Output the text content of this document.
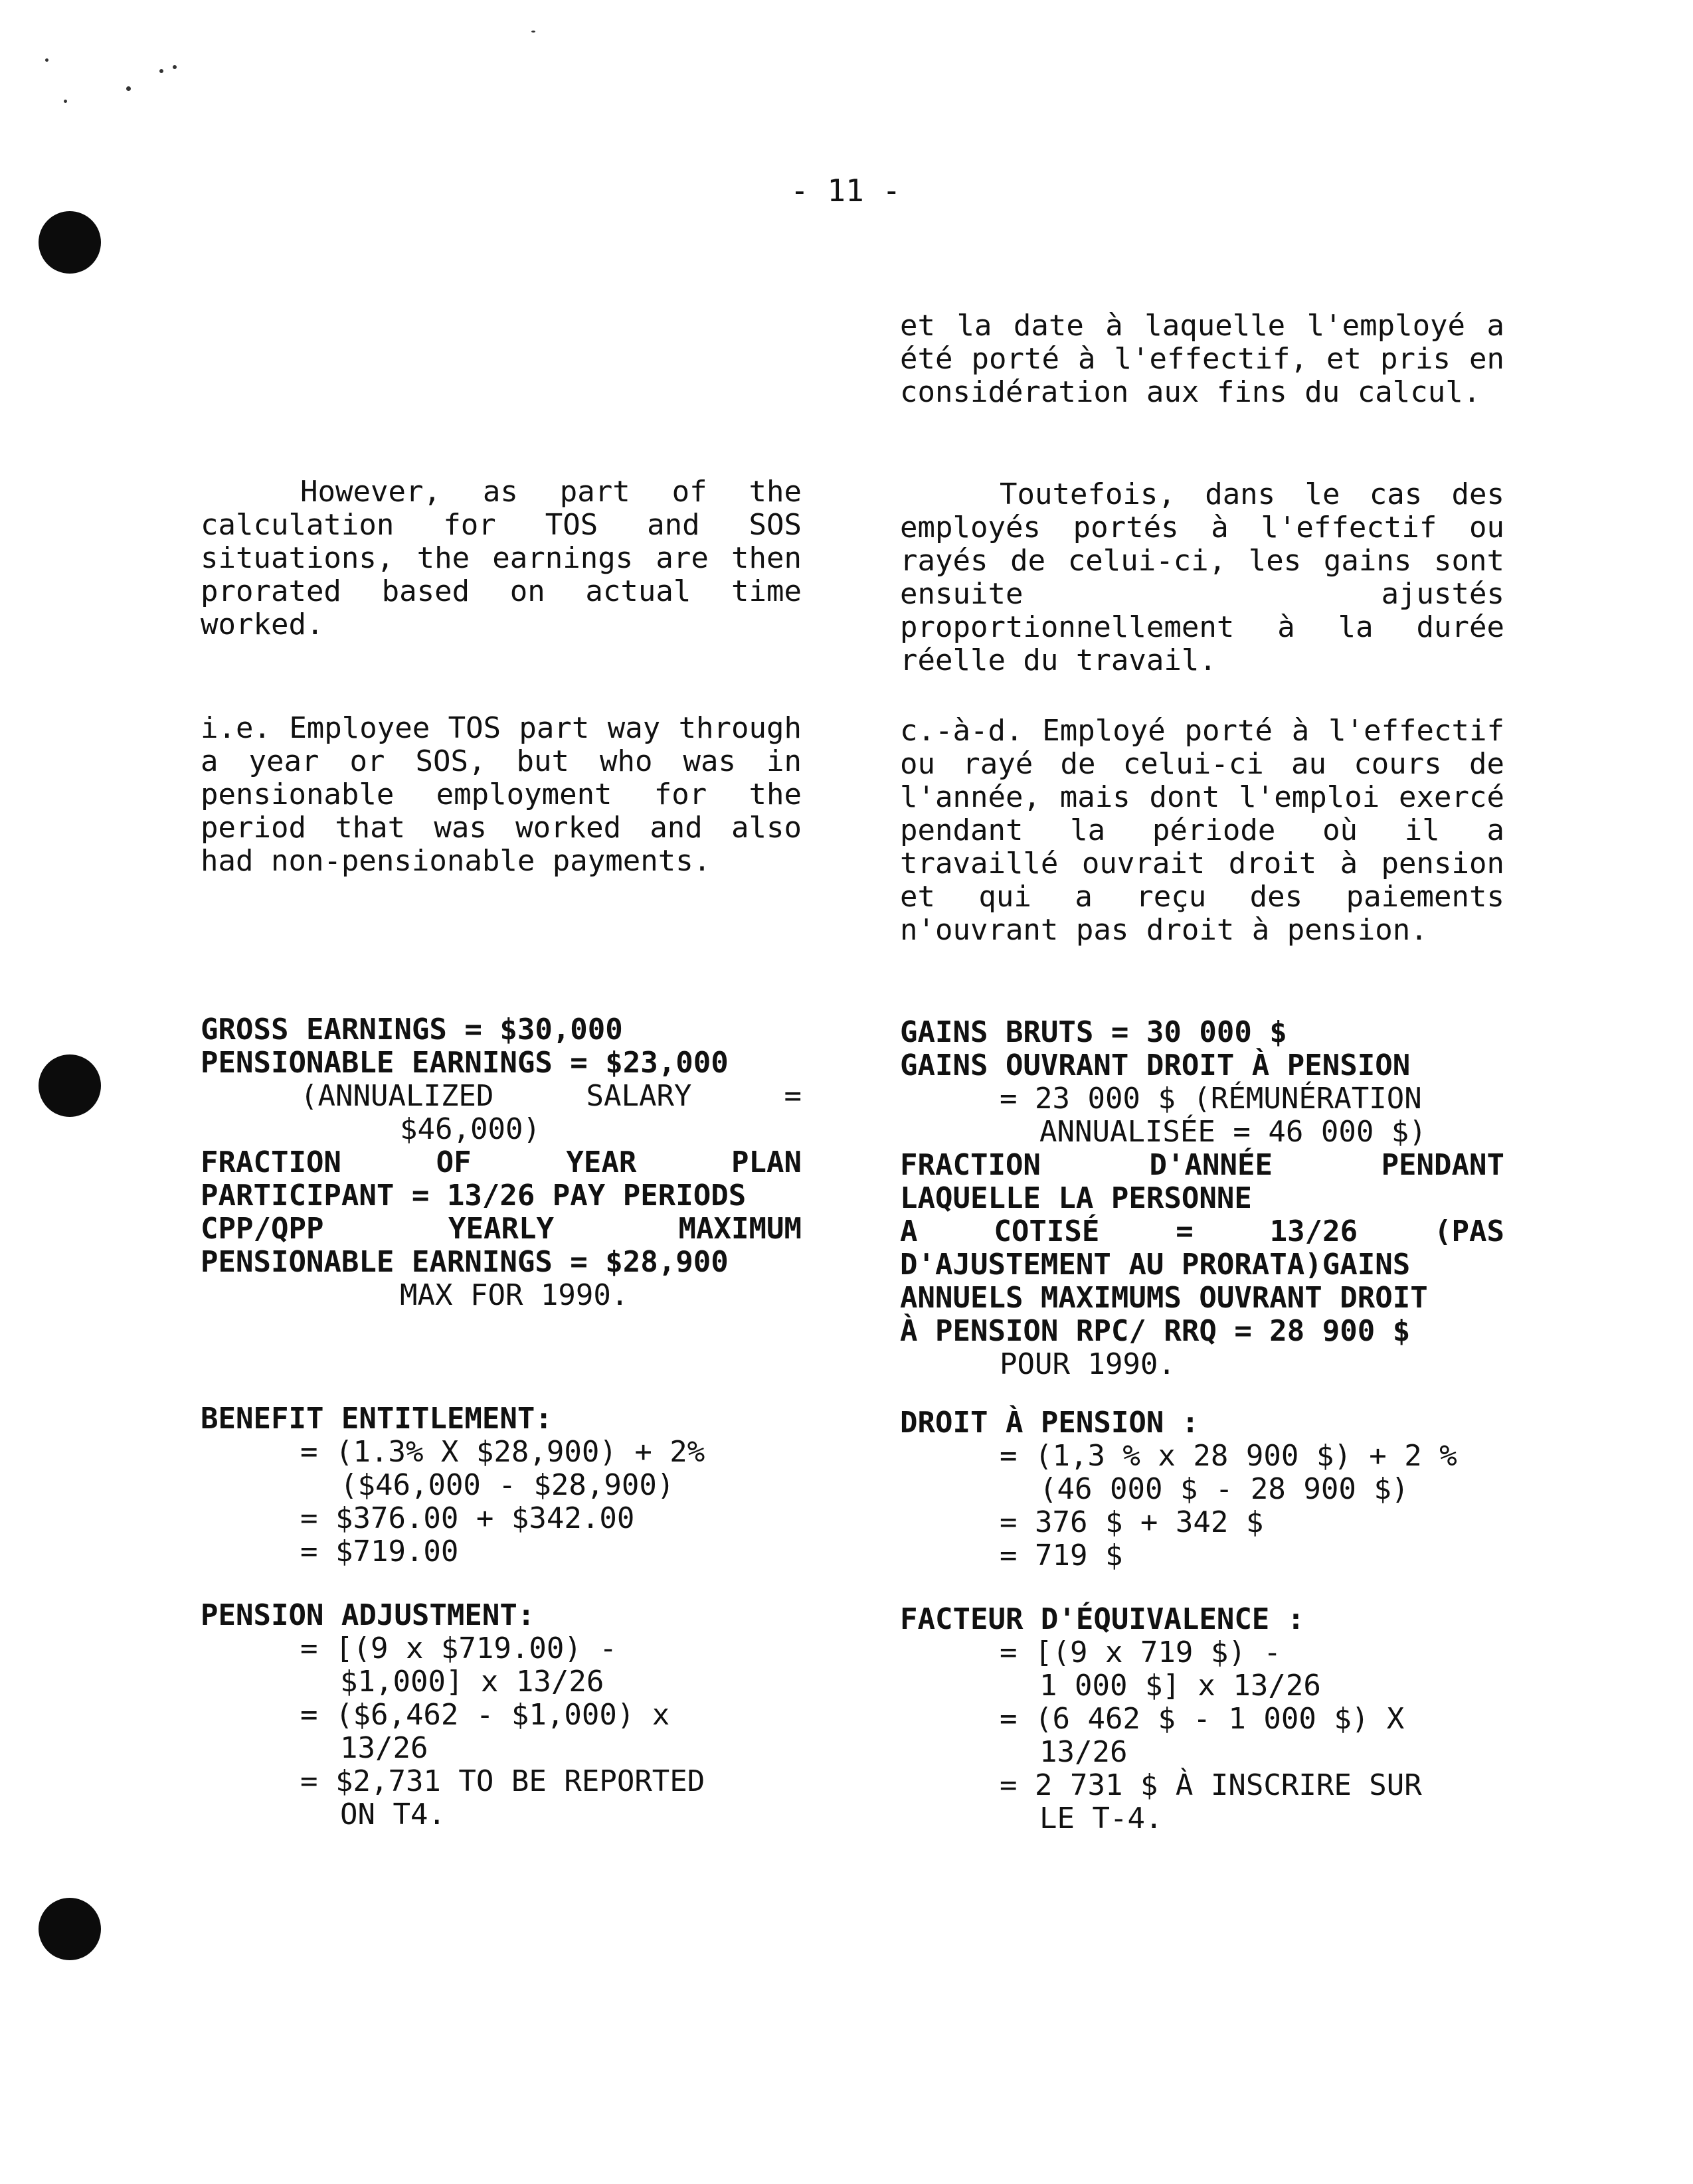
- 11 -

However, as part of the calculation for TOS and SOS situations, the earnings are then prorated based on actual time worked.

i.e. Employee TOS part way through a year or SOS, but who was in pensionable employment for the period that was worked and also had non-pensionable payments.

GROSS EARNINGS = $30,000
PENSIONABLE EARNINGS = $23,000
(ANNUALIZED SALARY =
$46,000)
FRACTION OF YEAR PLAN
PARTICIPANT = 13/26 PAY PERIODS
CPP/QPP YEARLY MAXIMUM
PENSIONABLE EARNINGS = $28,900
MAX FOR 1990.
BENEFIT ENTITLEMENT:
= (1.3% X $28,900) + 2%
($46,000 - $28,900)
= $376.00 + $342.00
= $719.00
PENSION ADJUSTMENT:
= [(9 x $719.00) -
$1,000] x 13/26
= ($6,462 - $1,000) x
13/26
= $2,731 TO BE REPORTED
ON T4.

et la date à laquelle l'employé a été porté à l'effectif, et pris en considération aux fins du calcul.

Toutefois, dans le cas des employés portés à l'effectif ou rayés de celui-ci, les gains sont ensuite ajustés proportionnellement à la durée réelle du travail.

c.-à-d. Employé porté à l'effectif ou rayé de celui-ci au cours de l'année, mais dont l'emploi exercé pendant la période où il a travaillé ouvrait droit à pension et qui a reçu des paiements n'ouvrant pas droit à pension.

GAINS BRUTS = 30 000 $
GAINS OUVRANT DROIT À PENSION
= 23 000 $ (RÉMUNÉRATION
ANNUALISÉE = 46 000 $)
FRACTION D'ANNÉE PENDANT
LAQUELLE LA PERSONNE
A COTISÉ = 13/26 (PAS
D'AJUSTEMENT AU PRORATA)GAINS
ANNUELS MAXIMUMS OUVRANT DROIT
À PENSION RPC/ RRQ = 28 900 $
POUR 1990.
DROIT À PENSION :
= (1,3 % x 28 900 $) + 2 %
(46 000 $ - 28 900 $)
= 376 $ + 342 $
= 719 $
FACTEUR D'ÉQUIVALENCE :
= [(9 x 719 $) -
1 000 $] x 13/26
= (6 462 $ - 1 000 $) X
13/26
= 2 731 $ À INSCRIRE SUR
LE T-4.
